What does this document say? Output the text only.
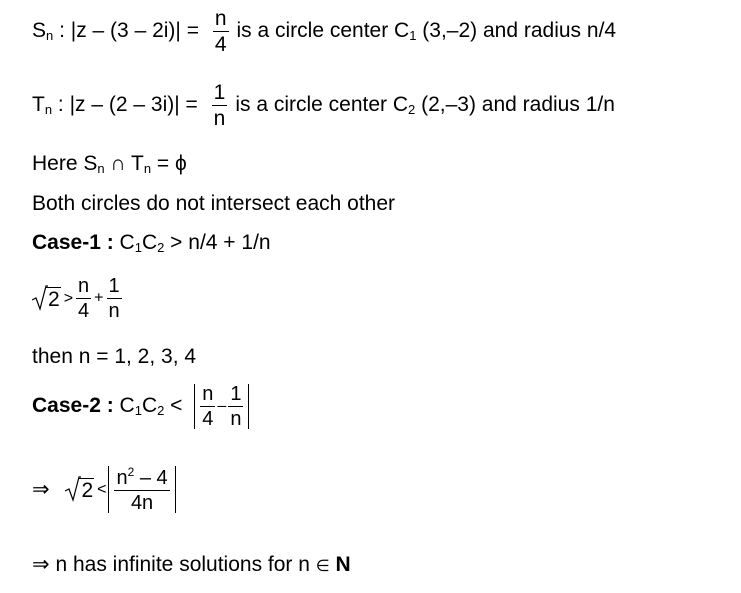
$S_n$ : $|z - (3 - 2i)| = \frac{n}{4}$ is a circle center $C_1$ (3,–2) and radius n/4
$T_n$ : $|z - (2 - 3i)| = \frac{1}{n}$ is a circle center $C_2$ (2,–3) and radius 1/n
Here $S_n$ ∩ $T_n = \phi$
Both circles do not intersect each other
Case-1 : $C_1C_2 > n/4 + 1/n$
$2 > \frac{n}{4} + \frac{1}{n}$
then n = 1, 2, 3, 4
Case-2 : $C_1C_2 < \frac{n}{4} - \frac{1}{n}$
⇒ $2 < \frac{n^2 - 4}{4n}$
⇒ n has infinite solutions for n ∈ N
